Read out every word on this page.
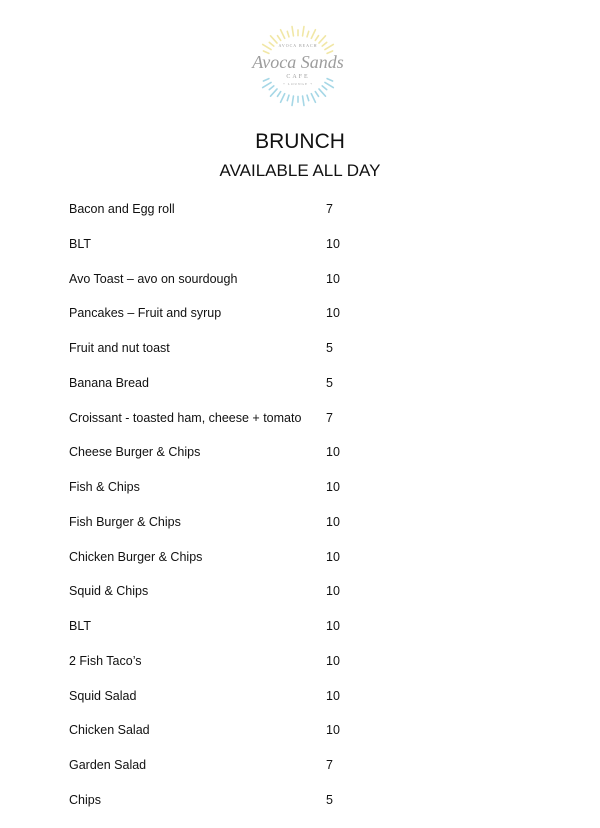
AVOCA BEACH
Avoca Sands
CAFE
+ LOUNGE +
BRUNCH
AVAILABLE ALL DAY
Bacon and Egg roll	7
BLT	10
Avo Toast – avo on sourdough	10
Pancakes – Fruit and syrup	10
Fruit and nut toast	5
Banana Bread	5
Croissant - toasted ham, cheese + tomato 7
Cheese Burger & Chips	10
Fish & Chips	10
Fish Burger & Chips	10
Chicken Burger & Chips	10
Squid & Chips	10
BLT	10
2 Fish Taco’s	10
Squid Salad	10
Chicken Salad	10
Garden Salad	7
Chips	5
